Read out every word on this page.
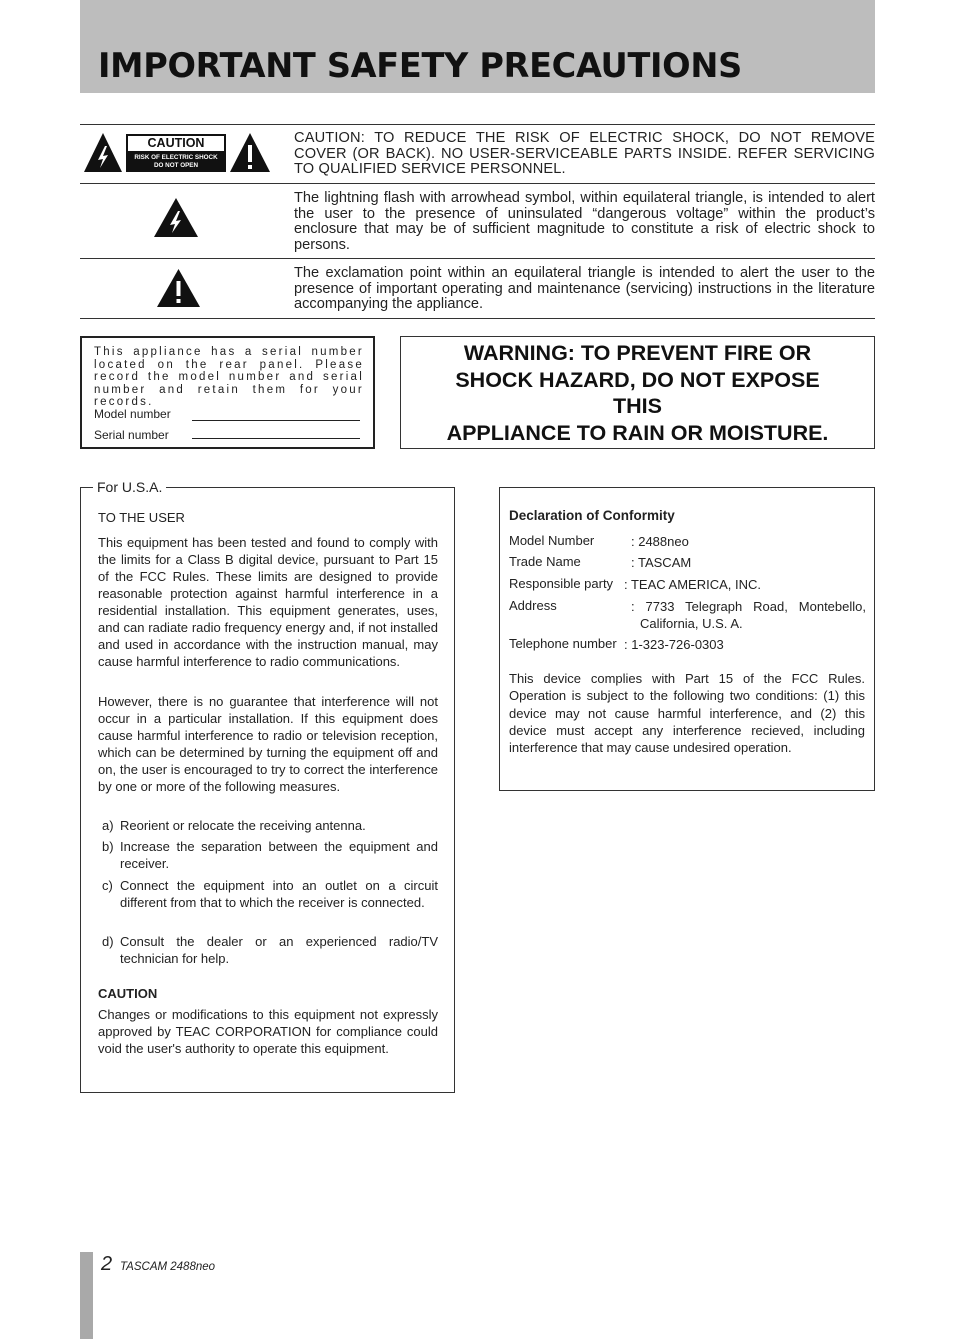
IMPORTANT SAFETY PRECAUTIONS
CAUTION
RISK OF ELECTRIC SHOCK
DO NOT OPEN
CAUTION: TO REDUCE THE RISK OF ELECTRIC SHOCK, DO NOT REMOVE COVER (OR BACK). NO USER-SERVICEABLE PARTS INSIDE. REFER SERVICING TO QUALIFIED SERVICE PERSONNEL.
The lightning flash with arrowhead symbol, within equilateral triangle, is intended to alert the user to the presence of uninsulated “dangerous voltage” within the product’s enclosure that may be of sufficient magnitude to constitute a risk of electric shock to persons.
The exclamation point within an equilateral triangle is intended to alert the user to the presence of important operating and maintenance (servicing) instructions in the literature accompanying the appliance.
This appliance has a serial number located on the rear panel. Please record the model number and serial number and retain them for your records.
Model number
Serial number
WARNING: TO PREVENT FIRE OR
SHOCK HAZARD, DO NOT EXPOSE
THIS
APPLIANCE TO RAIN OR MOISTURE.
TO THE USER
This equipment has been tested and found to comply with the limits for a Class B digital device, pursuant to Part 15 of the FCC Rules. These limits are designed to provide reasonable protection against harmful interference in a residential installation. This equipment generates, uses, and can radiate radio frequency energy and, if not installed and used in accordance with the instruction manual, may cause harmful interference to radio communications.
However, there is no guarantee that interference will not occur in a particular installation. If this equipment does cause harmful interference to radio or television reception, which can be determined by turning the equipment off and on, the user is encouraged to try to correct the interference by one or more of the following measures.
a) Reorient or relocate the receiving antenna.
b) Increase the separation between the equipment and receiver.
c) Connect the equipment into an outlet on a circuit different from that to which the receiver is connected.
d) Consult the dealer or an experienced radio/TV technician for help.
CAUTION
Changes or modifications to this equipment not expressly approved by TEAC CORPORATION for compliance could void the user's authority to operate this equipment.
For U.S.A.
Declaration of Conformity
Model Number	: 2488neo
Trade Name	: TASCAM
Responsible party : TEAC AMERICA, INC.
Address	: 7733 Telegraph Road, Montebello, California, U.S. A.
Telephone number : 1-323-726-0303
This device complies with Part 15 of the FCC Rules. Operation is subject to the following two conditions: (1) this device may not cause harmful interference, and (2) this device must accept any interference recieved, including interference that may cause undesired operation.
2 TASCAM 2488neo
